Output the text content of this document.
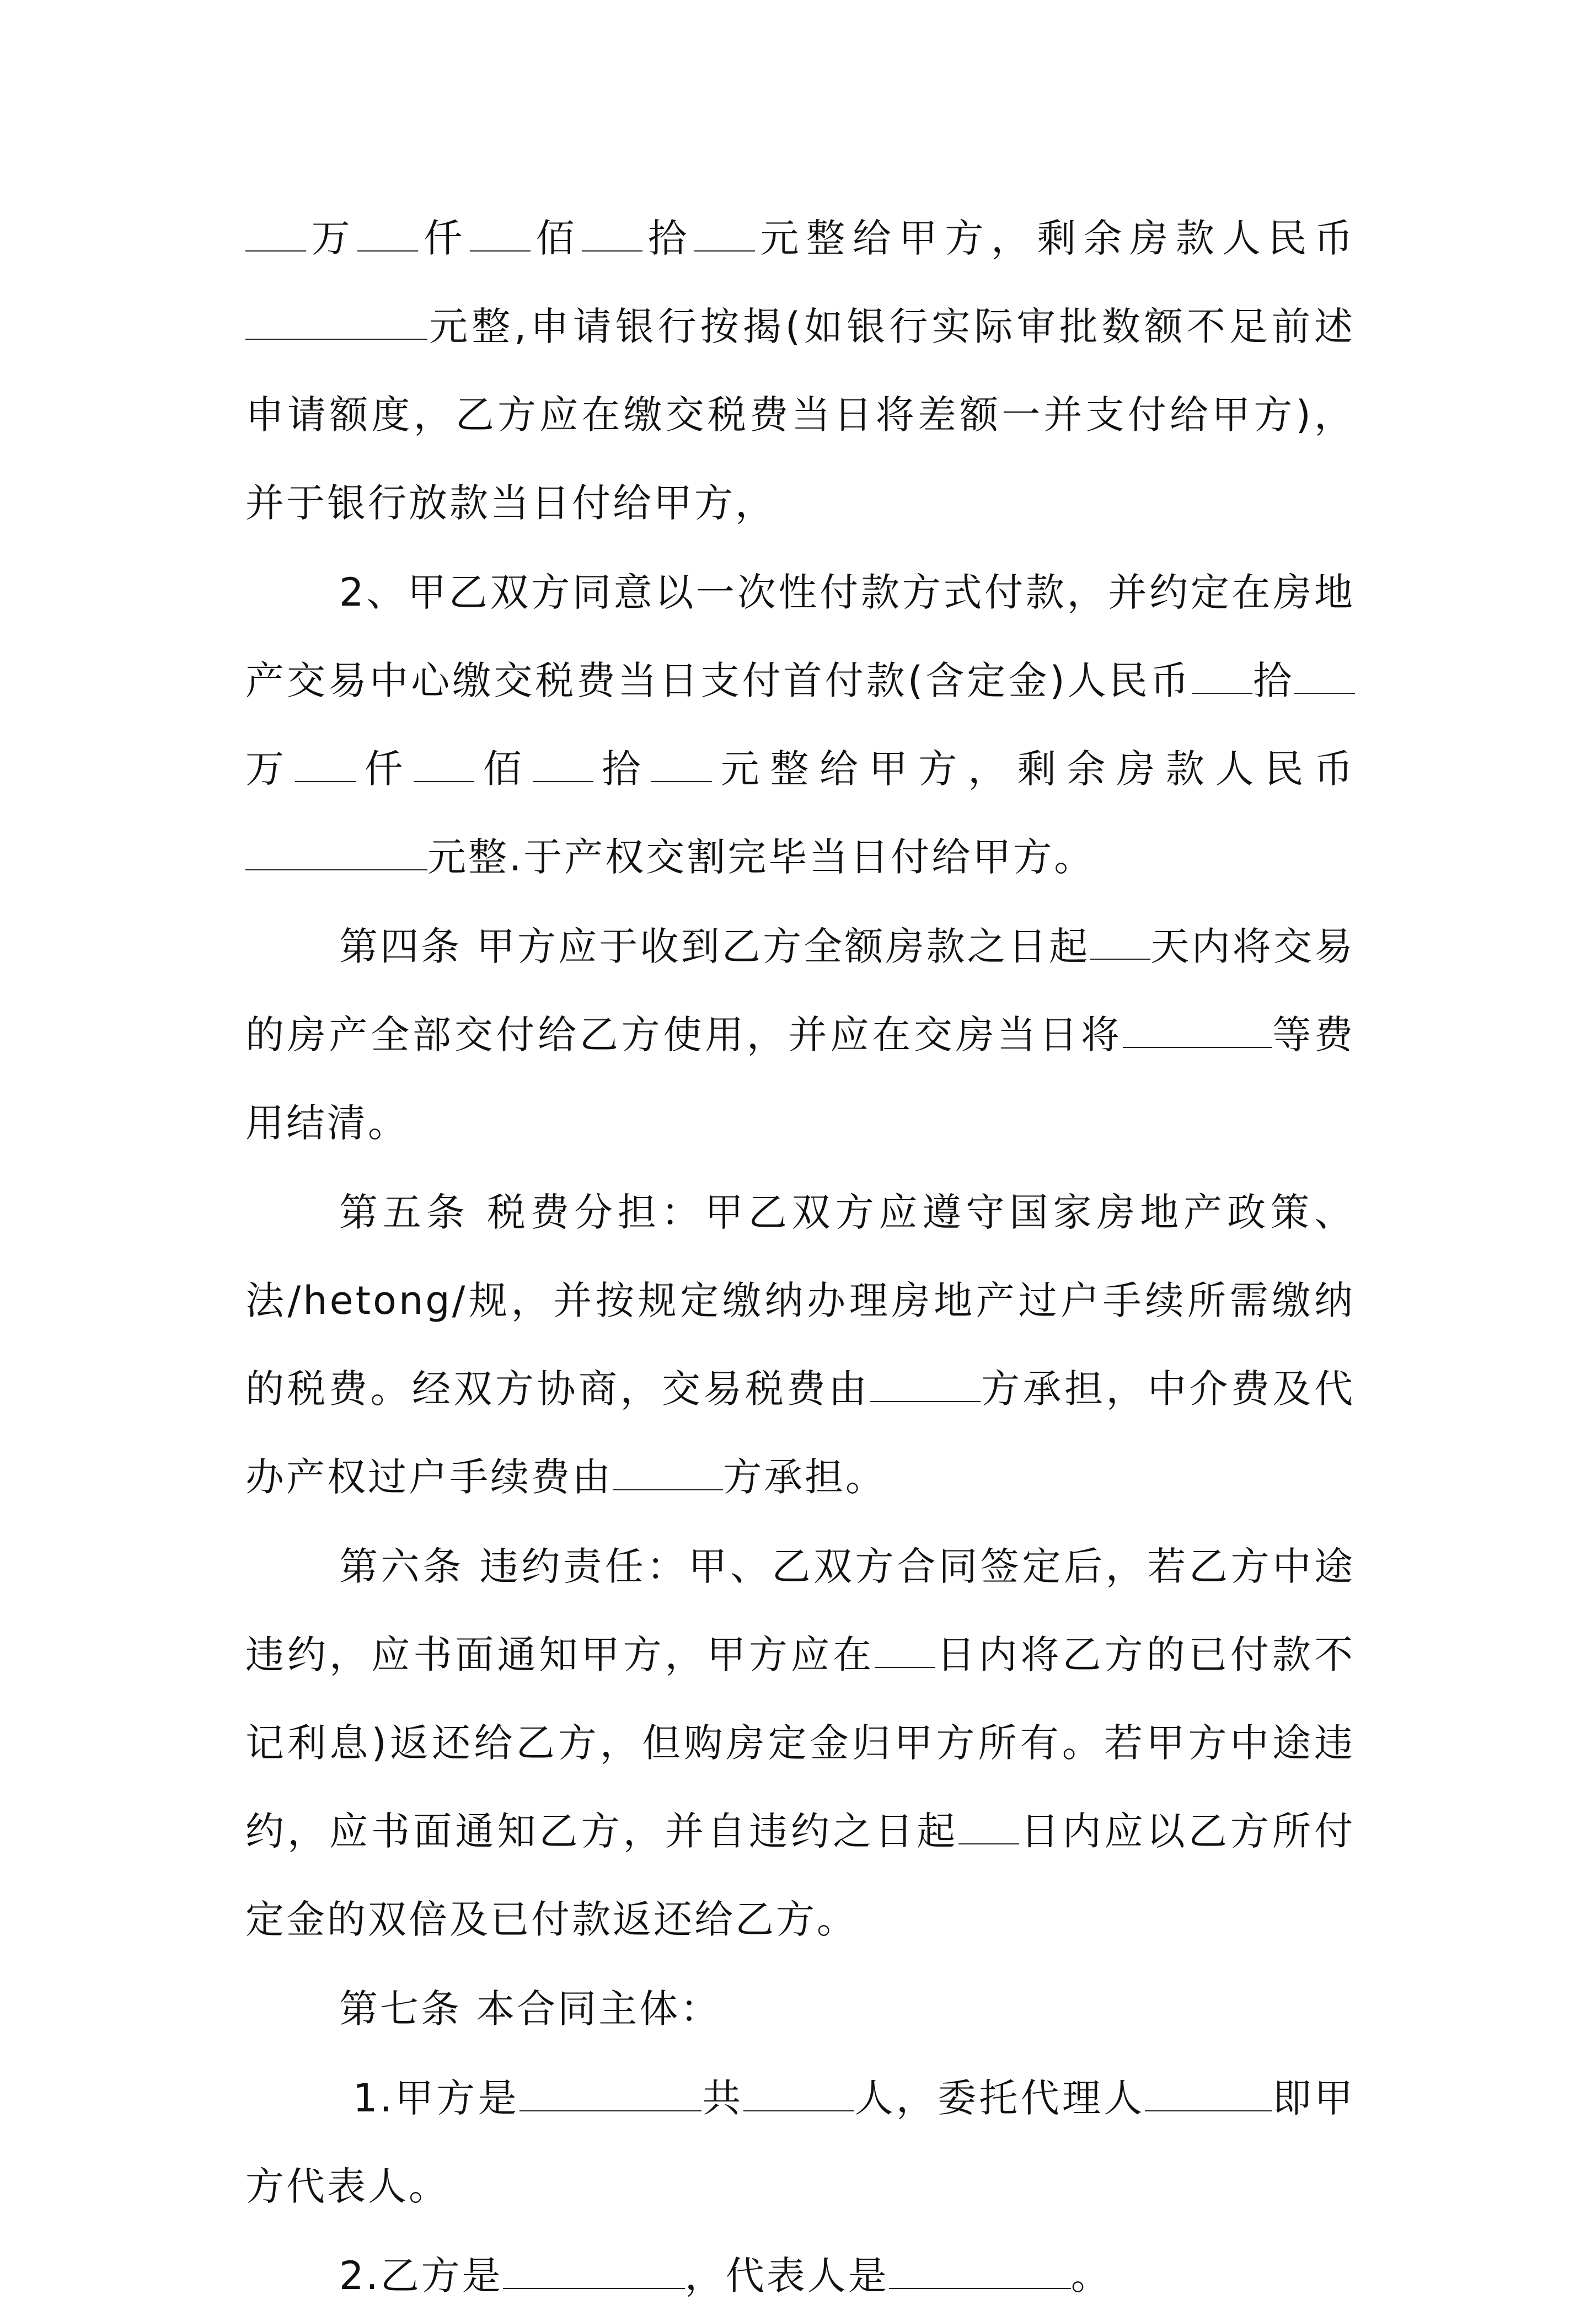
万 仟 佰 拾 元整给甲方，剩余房款人民币元整,申请银行按揭(如银行实际审批数额不足前述申请额度，乙方应在缴交税费当日将差额一并支付给甲方)，并于银行放款当日付给甲方，

2、甲乙双方同意以一次性付款方式付款，并约定在房地产交易中心缴交税费当日支付首付款(含定金)人民币 拾万 仟 佰 拾 元整给甲方，剩余房款人民币元整.于产权交割完毕当日付给甲方。

第四条 甲方应于收到乙方全额房款之日起 天内将交易的房产全部交付给乙方使用，并应在交房当日将	等费用结清。

第五条 税费分担：甲乙双方应遵守国家房地产政策、法/hetong/规，并按规定缴纳办理房地产过户手续所需缴纳的税费。经双方协商，交易税费由	方承担，中介费及代办产权过户手续费由	方承担。

第六条 违约责任：甲、乙双方合同签定后，若乙方中途违约，应书面通知甲方，甲方应在 日内将乙方的已付款不记利息)返还给乙方，但购房定金归甲方所有。若甲方中途违约，应书面通知乙方，并自违约之日起 日内应以乙方所付定金的双倍及已付款返还给乙方。

第七条 本合同主体：

1.甲方是	共	人，委托代理人	即甲方代表人。

2.乙方是	，代表人是	。
